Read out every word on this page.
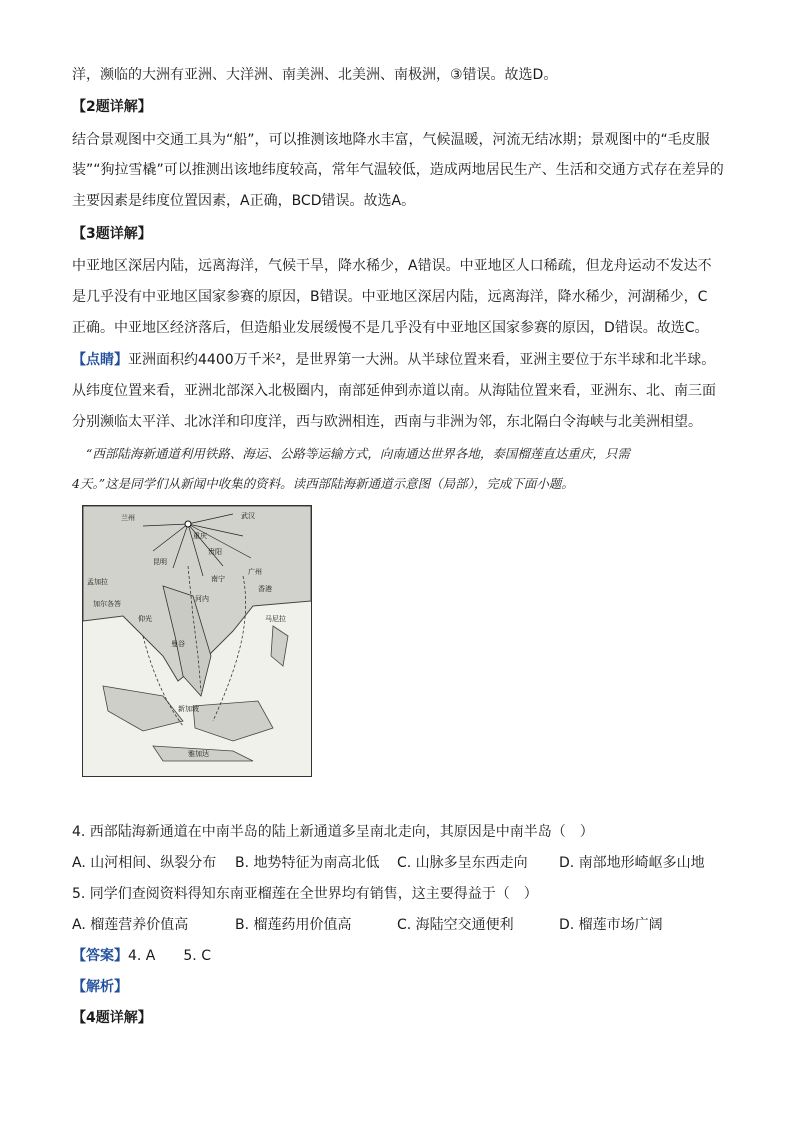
洋，濒临的大洲有亚洲、大洋洲、南美洲、北美洲、南极洲，③错误。故选D。
【2题详解】
结合景观图中交通工具为“船”，可以推测该地降水丰富，气候温暖，河流无结冰期；景观图中的“毛皮服
装”“狗拉雪橇”可以推测出该地纬度较高，常年气温较低，造成两地居民生产、生活和交通方式存在差异的
主要因素是纬度位置因素，A正确，BCD错误。故选A。
【3题详解】
中亚地区深居内陆，远离海洋，气候干旱，降水稀少，A错误。中亚地区人口稀疏，但龙舟运动不发达不
是几乎没有中亚地区国家参赛的原因，B错误。中亚地区深居内陆，远离海洋，降水稀少，河湖稀少，C
正确。中亚地区经济落后，但造船业发展缓慢不是几乎没有中亚地区国家参赛的原因，D错误。故选C。
【点睛】亚洲面积约4400万千米²，是世界第一大洲。从半球位置来看，亚洲主要位于东半球和北半球。
从纬度位置来看，亚洲北部深入北极圈内，南部延伸到赤道以南。从海陆位置来看，亚洲东、北、南三面
分别濒临太平洋、北冰洋和印度洋，西与欧洲相连，西南与非洲为邻，东北隔白令海峡与北美洲相望。
“西部陆海新通道利用铁路、海运、公路等运输方式，向南通达世界各地，泰国榴莲直达重庆，只需
4天。”这是同学们从新闻中收集的资料。读西部陆海新通道示意图（局部），完成下面小题。
4. 西部陆海新通道在中南半岛的陆上新通道多呈南北走向，其原因是中南半岛（　）
A. 山河相间、纵裂分布 B. 地势特征为南高北低 C. 山脉多呈东西走向 D. 南部地形崎岖多山地
5. 同学们查阅资料得知东南亚榴莲在全世界均有销售，这主要得益于（　）
A. 榴莲营养价值高	B. 榴莲药用价值高	C. 海陆空交通便利	D. 榴莲市场广阔
【答案】4. A　　5. C
【解析】
【4题详解】
兰州	武汉
重庆
昆明
贵阳
南宁
广州
香港
河内
曼谷
新加坡
孟加拉
加尔各答
仰光
雅加达
马尼拉
